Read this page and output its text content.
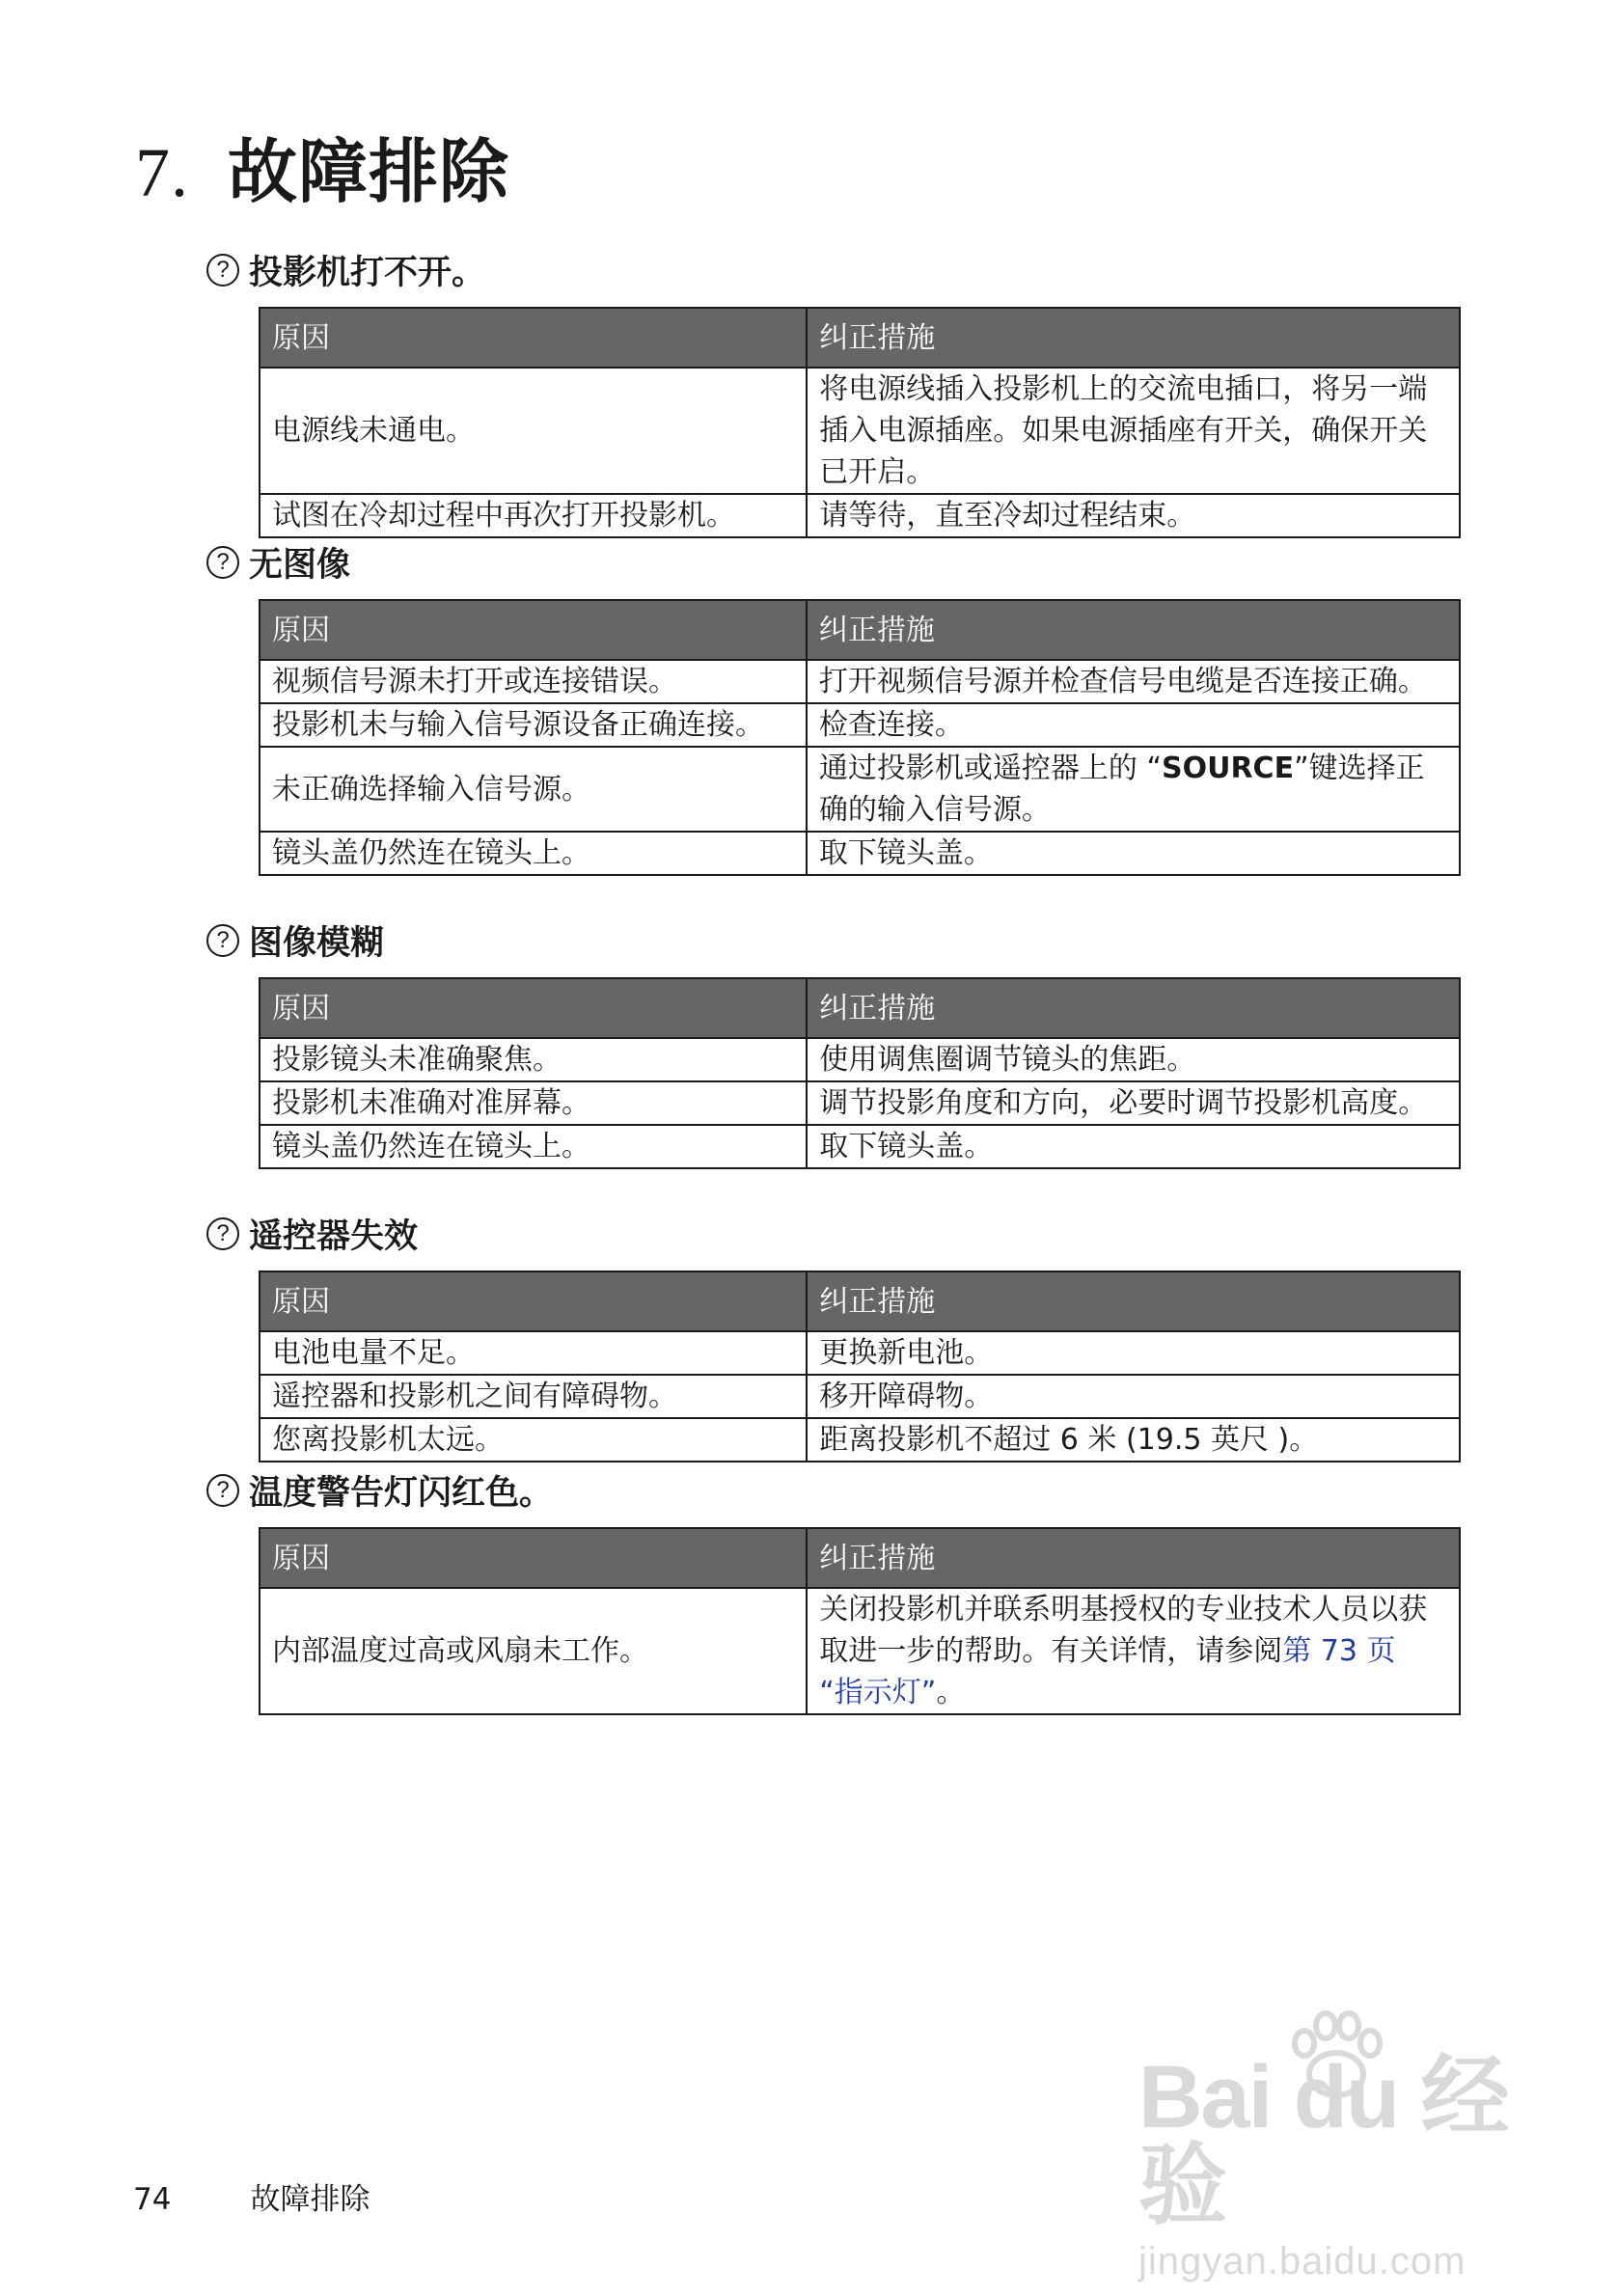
7. 故障排除
? 投影机打不开。
原因	纠正措施
电源线未通电。	将电源线插入投影机上的交流电插口，将另一端插入电源插座。如果电源插座有开关，确保开关已开启。
试图在冷却过程中再次打开投影机。	请等待，直至冷却过程结束。
? 无图像
原因	纠正措施
视频信号源未打开或连接错误。	打开视频信号源并检查信号电缆是否连接正确。
投影机未与输入信号源设备正确连接。	检查连接。
未正确选择输入信号源。	通过投影机或遥控器上的 “SOURCE”键选择正确的输入信号源。
镜头盖仍然连在镜头上。	取下镜头盖。
? 图像模糊
原因	纠正措施
投影镜头未准确聚焦。	使用调焦圈调节镜头的焦距。
投影机未准确对准屏幕。	调节投影角度和方向，必要时调节投影机高度。
镜头盖仍然连在镜头上。	取下镜头盖。
? 遥控器失效
原因	纠正措施
电池电量不足。	更换新电池。
遥控器和投影机之间有障碍物。	移开障碍物。
您离投影机太远。	距离投影机不超过 6 米 (19.5 英尺 )。
? 温度警告灯闪红色。
原因	纠正措施
内部温度过高或风扇未工作。	关闭投影机并联系明基授权的专业技术人员以获取进一步的帮助。有关详情，请参阅第 73 页 “指示灯”。
74	故障排除
Bai du 经验
jingyan.baidu.com
